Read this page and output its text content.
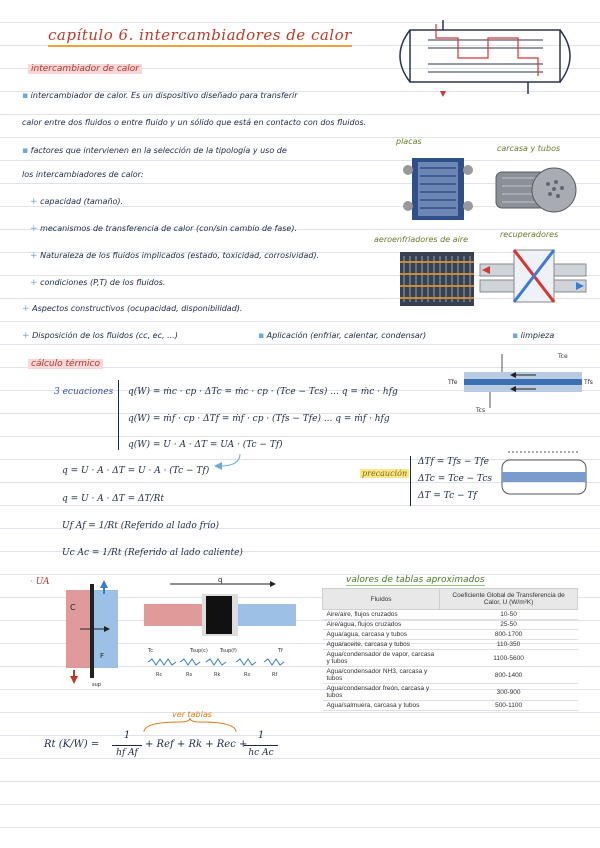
capítulo 6. intercambiadores de calor
intercambiador de calor
▪ intercambiador de calor. Es un dispositivo diseñado para transferir
calor entre dos fluidos o entre fluido y un sólido que está en contacto con dos fluidos.
▪ factores que intervienen en la selección de la tipología y uso de
los intercambiadores de calor:
+ capacidad (tamaño).
+ mecanismos de transferencia de calor (con/sin cambio de fase).
+ Naturaleza de los fluidos implicados (estado, toxicidad, corrosividad).
+ condiciones (P,T) de los fluidos.
+ Aspectos constructivos (ocupacidad, disponibilidad).
+ Disposición de los fluidos (cc, ec, ...)	▪ Aplicación (enfriar, calentar, condensar)	▪ limpieza
placas
carcasa y tubos
aeroenfriadores de aire
recuperadores
cálculo térmico
3 ecuaciones q(W) = ṁc · cp · ΔTc = ṁc · cp · (Tce − Tcs) ... q = ṁc · hfg
q(W) = ṁf · cp · ΔTf = ṁf · cp · (Tfs − Tfe) ... q = ṁf · hfg
q(W) = U · A · ΔT = UA · (Tc − Tf)
q = U · A · ΔT = U · A · (Tc − Tf)
q = U · A · ΔT = ΔT/Rt
Uf Af = 1/Rt (Referido al lado frío)
Uc Ac = 1/Rt (Referido al lado caliente)
precaución
ΔTf = Tfs − Tfe
ΔTc = Tce − Tcs
ΔT = Tc − Tf
Tce
Tfe	Tfs
Tcs
· UA
C
F
sup
q
Tc	Tsup(c) Tsup(f)	Tf
Rc	Rs	Rk	Rs	Rf
valores de tablas aproximados
Fluidos	Coeficiente Global de Transferencia de Calor, U (W/m²K)
Aire/aire, flujos cruzados	10-50
Aire/agua, flujos cruzados	25-50
Agua/agua, carcasa y tubos	800-1700
Agua/aceite, carcasa y tubos	110-350
Agua/condensador de vapor, carcasa y tubos	1100-5600
Agua/condensador NH3, carcasa y tubos	800-1400
Agua/condensador freón, carcasa y tubos	300-900
Agua/salmuera, carcasa y tubos	500-1100
ver tablas
Rt (K/W) =
1
hf Af
+ Ref + Rk + Rec +
1
hc Ac
